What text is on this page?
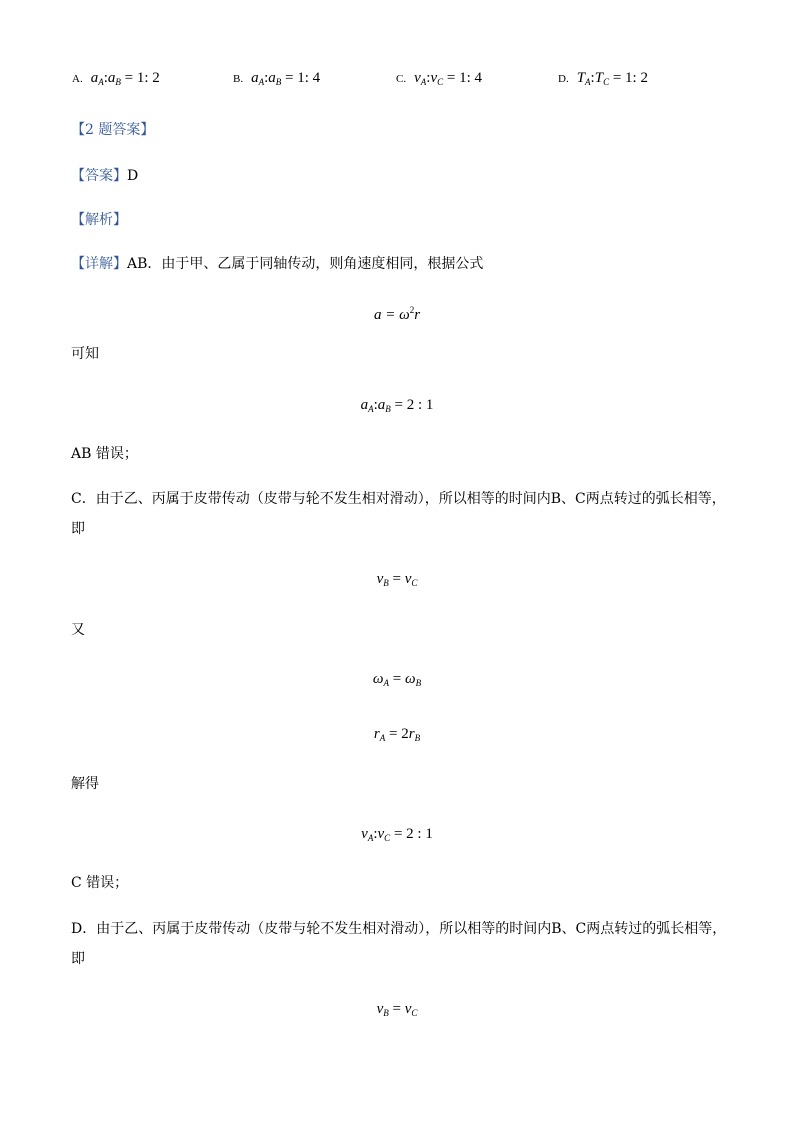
A. $a_A:a_B = 1$: 2	B. $a_A:a_B = 1$: 4	C. $v_A:v_C = 1$: 4	D. $T_A:T_C = 1$: 2
【2 题答案】
【答案】D
【解析】
【详解】AB．由于甲、乙属于同轴传动，则角速度相同，根据公式
$a = \omega^2r$
可知
$a_A:a_B = 2$ : 1
AB 错误；
C．由于乙、丙属于皮带传动（皮带与轮不发生相对滑动），所以相等的时间内B、C两点转过的弧长相等，
即
$v_B = v_C$
又
$\omega_A = \omega_B$
$r_A = 2r_B$
解得
$v_A:v_C = 2$ : 1
C 错误；
D．由于乙、丙属于皮带传动（皮带与轮不发生相对滑动），所以相等的时间内B、C两点转过的弧长相等，
即
$v_B = v_C$
